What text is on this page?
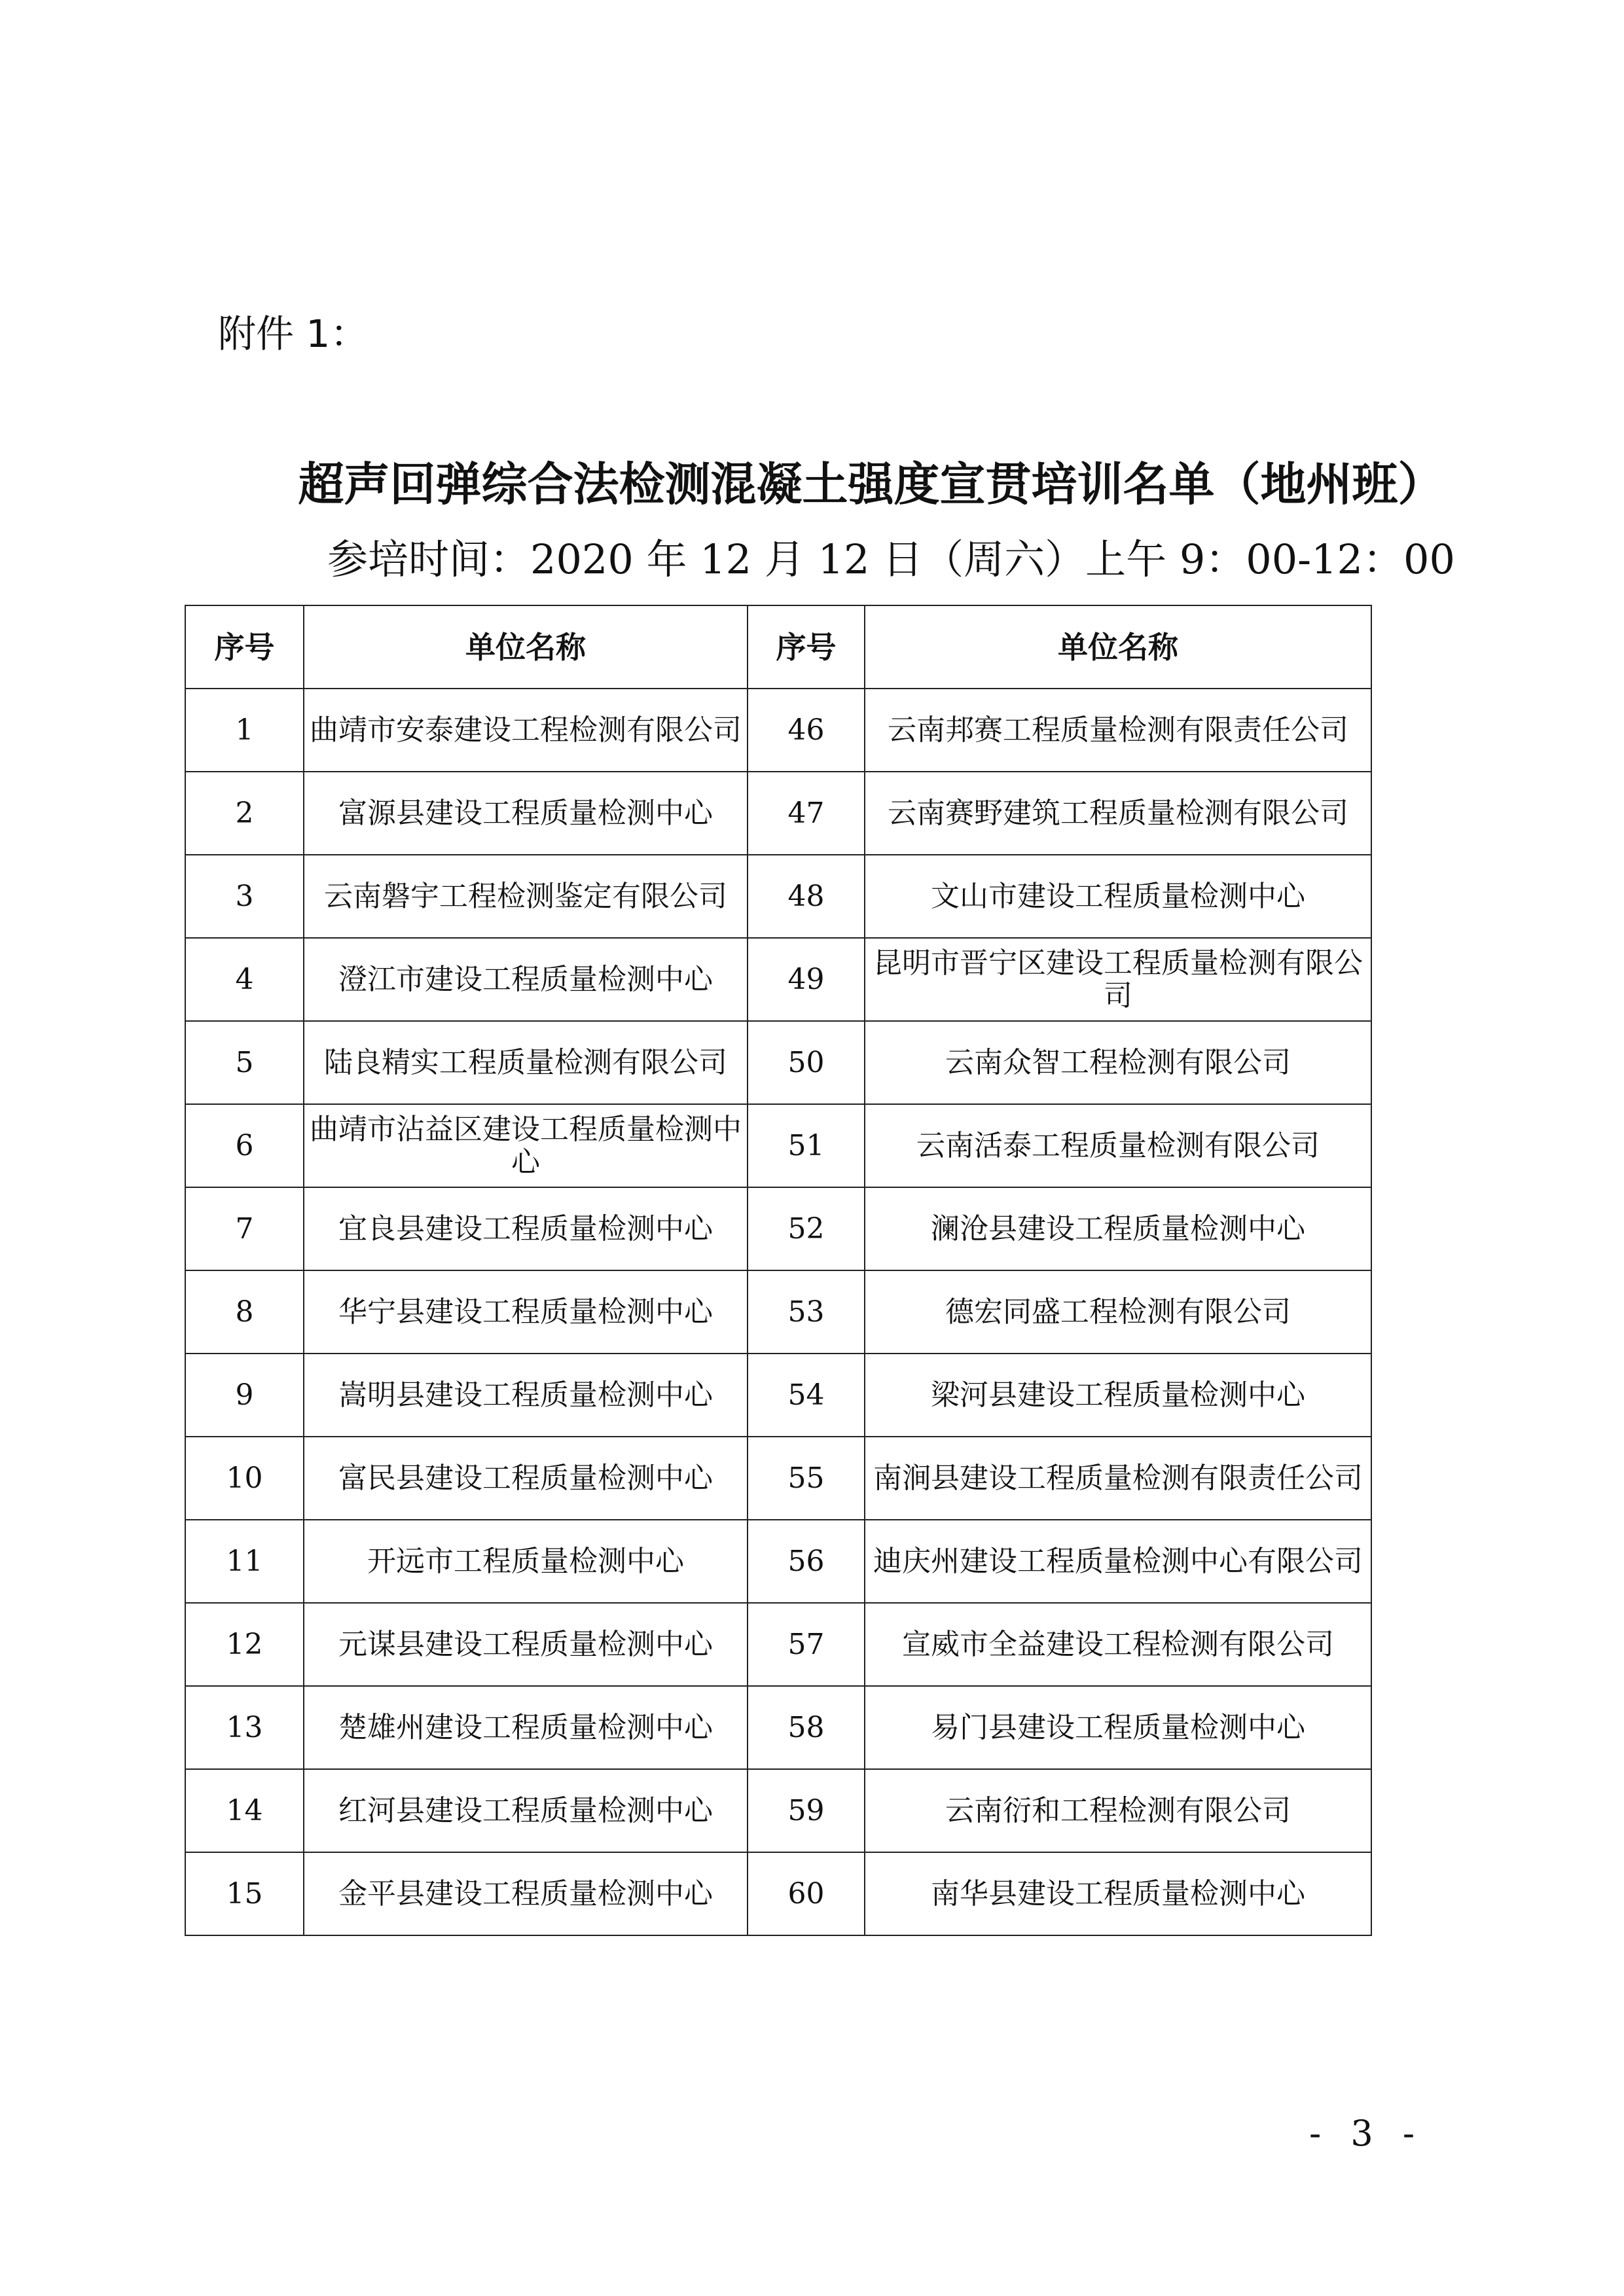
附件 1：
超声回弹综合法检测混凝土强度宣贯培训名单（地州班）
参培时间：2020 年 12 月 12 日（周六）上午 9：00-12：00
序号	单位名称	序号	单位名称
1	曲靖市安泰建设工程检测有限公司	46	云南邦赛工程质量检测有限责任公司
2	富源县建设工程质量检测中心	47	云南赛野建筑工程质量检测有限公司
3	云南磐宇工程检测鉴定有限公司	48	文山市建设工程质量检测中心
4	澄江市建设工程质量检测中心	49	昆明市晋宁区建设工程质量检测有限公司
5	陆良精实工程质量检测有限公司	50	云南众智工程检测有限公司
6	曲靖市沾益区建设工程质量检测中心	51	云南活泰工程质量检测有限公司
7	宜良县建设工程质量检测中心	52	澜沧县建设工程质量检测中心
8	华宁县建设工程质量检测中心	53	德宏同盛工程检测有限公司
9	嵩明县建设工程质量检测中心	54	梁河县建设工程质量检测中心
10	富民县建设工程质量检测中心	55	南涧县建设工程质量检测有限责任公司
11	开远市工程质量检测中心	56	迪庆州建设工程质量检测中心有限公司
12	元谋县建设工程质量检测中心	57	宣威市全益建设工程检测有限公司
13	楚雄州建设工程质量检测中心	58	易门县建设工程质量检测中心
14	红河县建设工程质量检测中心	59	云南衍和工程检测有限公司
15	金平县建设工程质量检测中心	60	南华县建设工程质量检测中心
- 3 -
